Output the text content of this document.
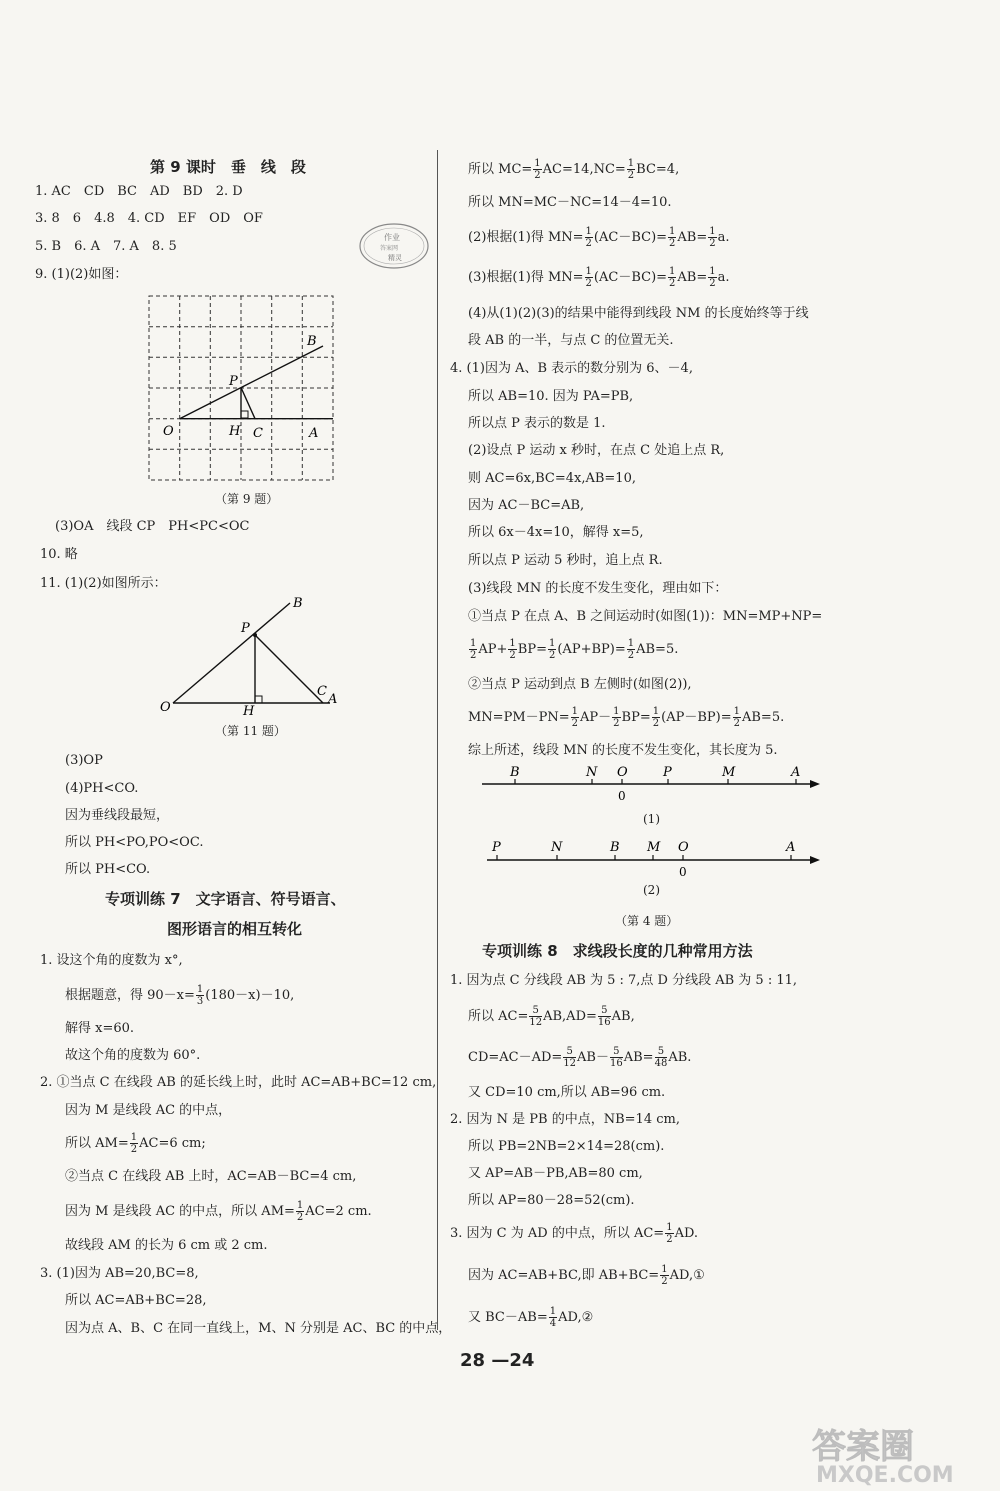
第 9 课时　垂　线　段
1. AC　CD　BC　AD　BD　2. D
3. 8　6　4.8　4. CD　EF　OD　OF
5. B　6. A　7. A　8. 5
9. (1)(2)如图：
O
P
B
H C	A
（第 9 题）
(3)OA　线段 CP　PH<PC<OC
10. 略
11. (1)(2)如图所示：
O
P
B
H
C
A
（第 11 题）
(3)OP
(4)PH<CO.
因为垂线段最短，
所以 PH<PO,PO<OC.
所以 PH<CO.
专项训练 7　文字语言、符号语言、
图形语言的相互转化
1. 设这个角的度数为 x°,
根据题意，得 $90-x= \frac{1}{3} (180-x)-10$,
解得 x=60.
故这个角的度数为 60°.
2. ①当点 C 在线段 AB 的延长线上时，此时 AC=AB+BC=12 cm,
因为 M 是线段 AC 的中点，
所以 $AM= \frac{1}{2} AC=6$ cm;
②当点 C 在线段 AB 上时，AC=AB－BC=4 cm,
因为 M 是线段 AC 的中点，所以 $AM= \frac{1}{2} AC=2$ cm.
故线段 AM 的长为 6 cm 或 2 cm.
3. (1)因为 AB=20,BC=8,
所以 AC=AB+BC=28,
因为点 A、B、C 在同一直线上，M、N 分别是 AC、BC 的中点，
作业
答案网
精灵
所以 $MC= \frac{1}{2} AC=14,NC= \frac{1}{2} BC=4$,
所以 MN=MC－NC=14－4=10.
(2)根据(1)得 $MN= \frac{1}{2} (AC-BC)= \frac{1}{2} AB= \frac{1}{2} a$.
(3)根据(1)得 $MN= \frac{1}{2} (AC-BC)= \frac{1}{2} AB= \frac{1}{2} a$.
(4)从(1)(2)(3)的结果中能得到线段 NM 的长度始终等于线
段 AB 的一半，与点 C 的位置无关.
4. (1)因为 A、B 表示的数分别为 6、－4,
所以 AB=10. 因为 PA=PB,
所以点 P 表示的数是 1.
(2)设点 P 运动 x 秒时，在点 C 处追上点 R,
则 AC=6x,BC=4x,AB=10,
因为 AC－BC=AB,
所以 6x－4x=10，解得 x=5,
所以点 P 运动 5 秒时，追上点 R.
(3)线段 MN 的长度不发生变化，理由如下：
①当点 P 在点 A、B 之间运动时(如图(1))：MN=MP+NP=
$\frac{1}{2} AP+ \frac{1}{2} BP= \frac{1}{2} (AP+BP)= \frac{1}{2} AB=5$.
②当点 P 运动到点 B 左侧时(如图(2)),
$MN=PM-PN= \frac{1}{2} AP- \frac{1}{2} BP= \frac{1}{2} (AP-BP)= \frac{1}{2} AB=5$.
综上所述，线段 MN 的长度不发生变化，其长度为 5.
B	N O	P	M	A
0
(1)
P	N	B M O	A
0
(2)
（第 4 题）
专项训练 8　求线段长度的几种常用方法
1. 因为点 C 分线段 AB 为 5 : 7,点 D 分线段 AB 为 5 : 11,
所以 $AC= \frac{5}{12} AB,AD= \frac{5}{16}$ AB,
$CD=AC-AD= \frac{5}{12} AB- \frac{5}{16} AB= \frac{5}{48}$ AB.
又 CD=10 cm,所以 AB=96 cm.
2. 因为 N 是 PB 的中点，NB=14 cm,
所以 PB=2NB=2×14=28(cm).
又 AP=AB－PB,AB=80 cm,
所以 AP=80－28=52(cm).
3. 因为 C 为 AD 的中点，所以 $AC= \frac{1}{2}$ AD.
因为 AC=AB+BC,即 $AB+BC= \frac{1}{2}$ AD,①
又 $BC-AB= \frac{1}{4}$ AD,②
28 —24
答案圈
MXQE.COM
